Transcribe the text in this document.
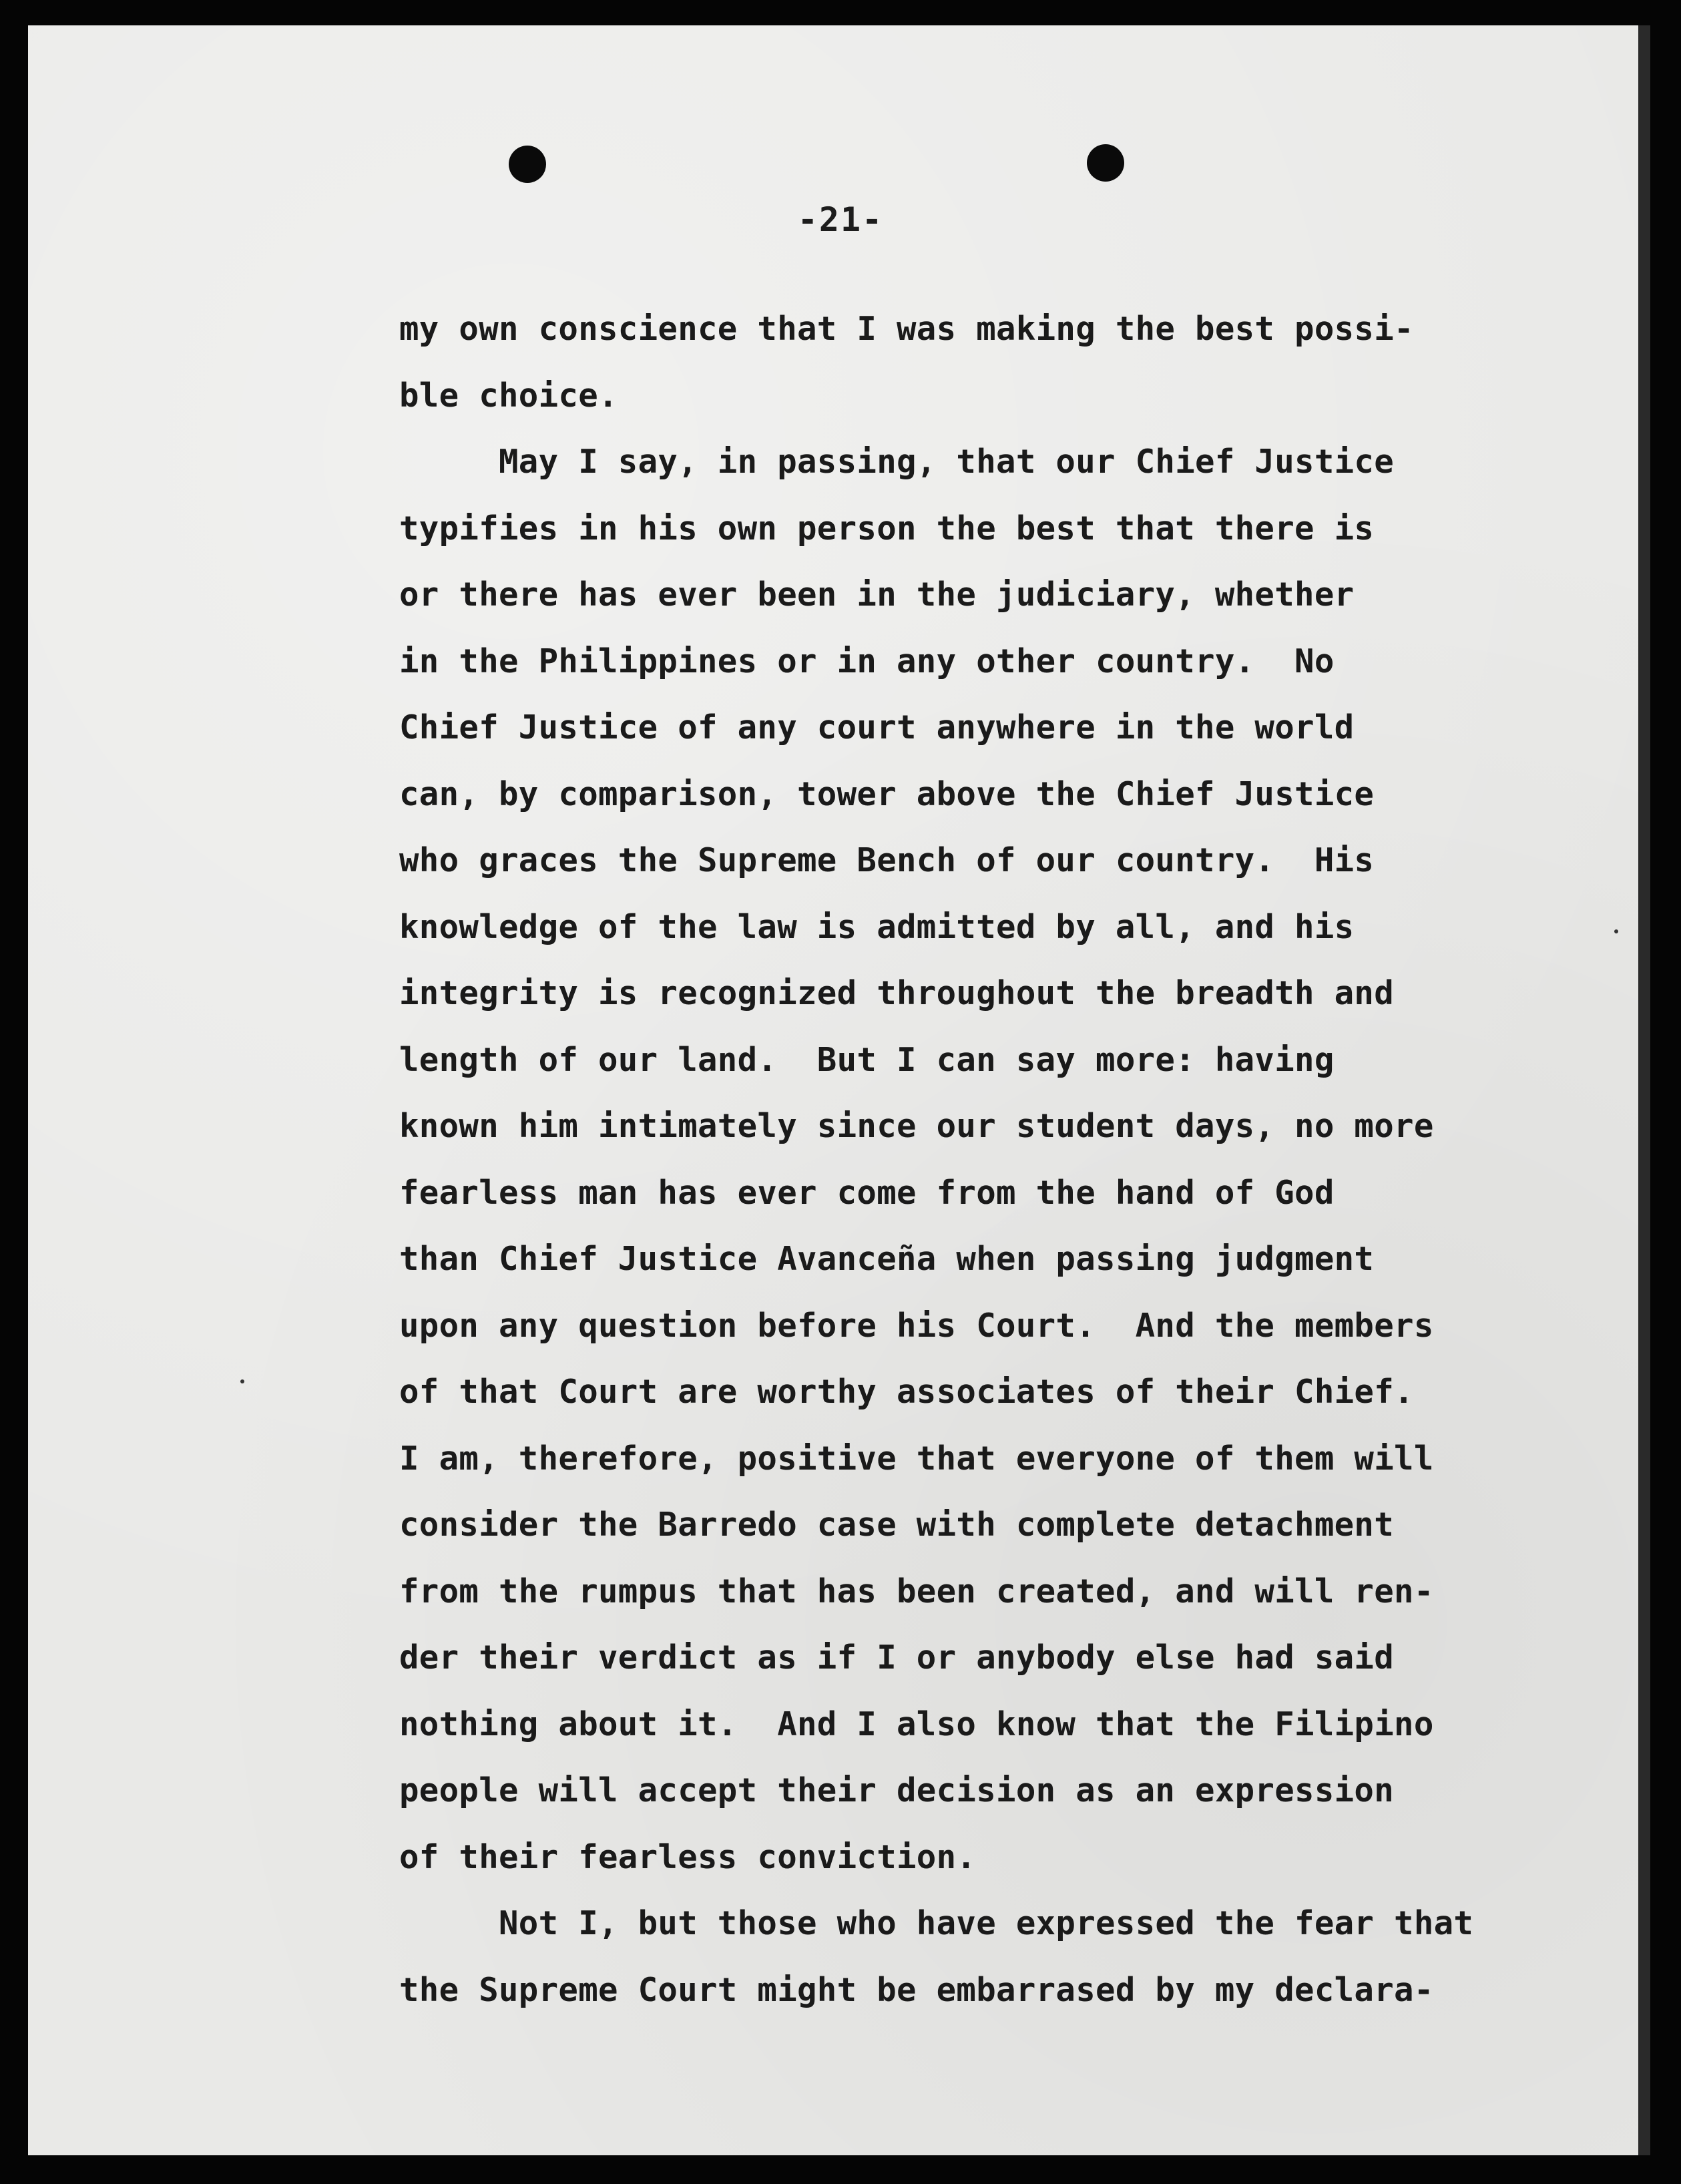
-21-
my own conscience that I was making the best possi-
ble choice.
May I say, in passing, that our Chief Justice
typifies in his own person the best that there is
or there has ever been in the judiciary, whether
in the Philippines or in any other country.  No
Chief Justice of any court anywhere in the world
can, by comparison, tower above the Chief Justice
who graces the Supreme Bench of our country.  His
knowledge of the law is admitted by all, and his
integrity is recognized throughout the breadth and
length of our land.  But I can say more: having
known him intimately since our student days, no more
fearless man has ever come from the hand of God
than Chief Justice Avanceña when passing judgment
upon any question before his Court.  And the members
of that Court are worthy associates of their Chief.
I am, therefore, positive that everyone of them will
consider the Barredo case with complete detachment
from the rumpus that has been created, and will ren-
der their verdict as if I or anybody else had said
nothing about it.  And I also know that the Filipino
people will accept their decision as an expression
of their fearless conviction.
Not I, but those who have expressed the fear that
the Supreme Court might be embarrased by my declara-
